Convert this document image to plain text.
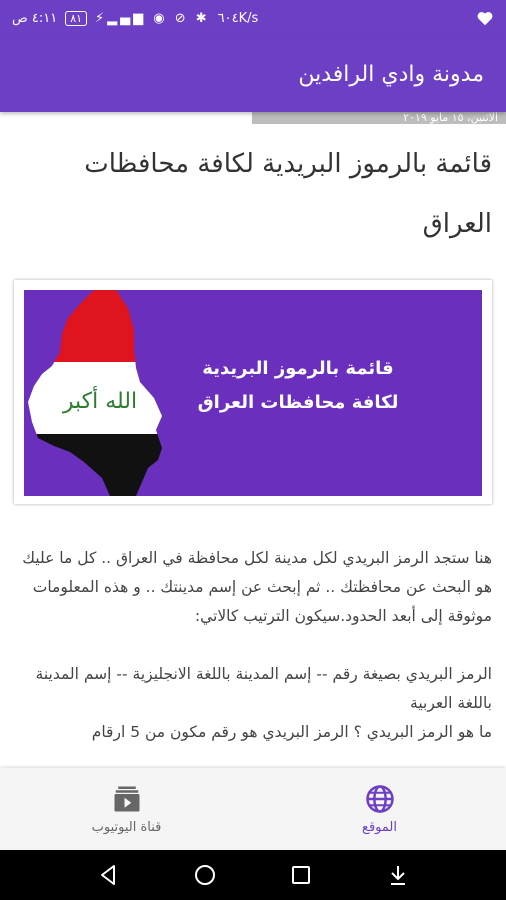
٤:١١ ص	٨١	⚡▂▄▆ ◉ ⊘ ✱ ٦٠٤K/s
مدونة وادي الرافدين
الاثنين، ١٥ مايو ٢٠١٩
قائمة بالرموز البريدية لكافة محافظات العراق
الله أكبر
قائمة بالرموز البريدية
لكافة محافظات العراق

هنا ستجد الرمز البريدي لكل مدينة لكل محافظة في العراق .. كل ما عليك هو البحث عن محافظتك .. ثم إبحث عن إسم مدينتك .. و هذه المعلومات موثوقة إلى أبعد الحدود.سيكون الترتيب كالاتي:

الرمز البريدي بصيغة رقم -- إسم المدينة باللغة الانجليزية -- إسم المدينة باللغة العربية

ما هو الرمز البريدي ؟ الرمز البريدي هو رقم مكون من 5 ارقام

الموقع
قناة اليوتيوب
